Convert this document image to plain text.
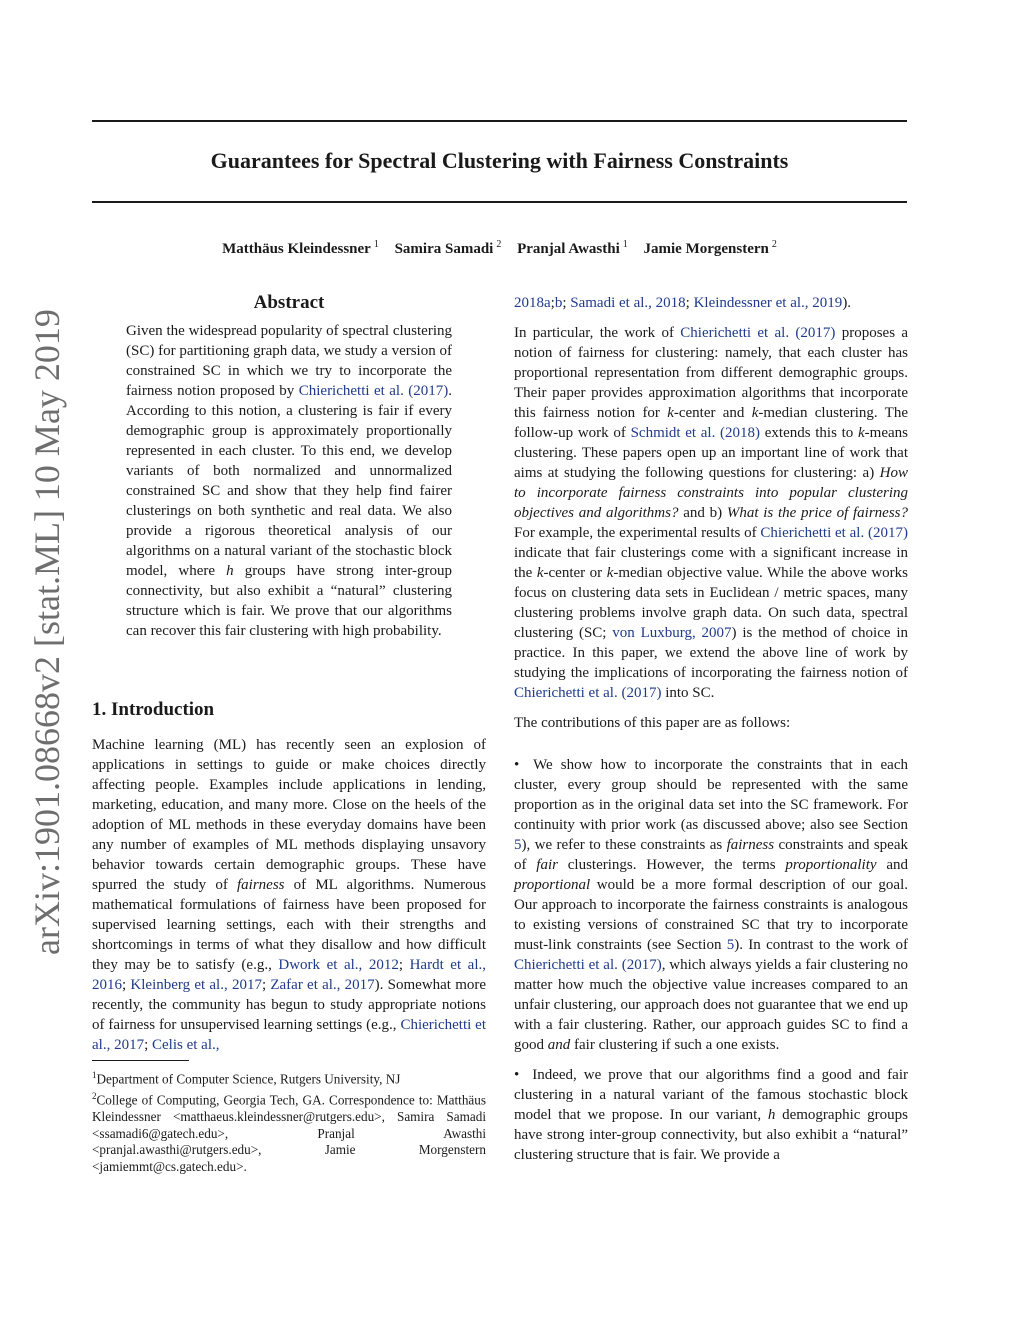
arXiv:1901.08668v2 [stat.ML] 10 May 2019
Guarantees for Spectral Clustering with Fairness Constraints
Matthäus Kleindessner $^1$ Samira Samadi $^2$ Pranjal Awasthi $^1$ Jamie Morgenstern $^2$
Abstract

Given the widespread popularity of spectral clustering (SC) for partitioning graph data, we study a version of constrained SC in which we try to incorporate the fairness notion proposed by Chierichetti et al. (2017). According to this notion, a clustering is fair if every demographic group is approximately proportionally represented in each cluster. To this end, we develop variants of both normalized and unnormalized constrained SC and show that they help find fairer clusterings on both synthetic and real data. We also provide a rigorous theoretical analysis of our algorithms on a natural variant of the stochastic block model, where h groups have strong inter-group connectivity, but also exhibit a “natural” clustering structure which is fair. We prove that our algorithms can recover this fair clustering with high probability.

1. Introduction

Machine learning (ML) has recently seen an explosion of applications in settings to guide or make choices directly affecting people. Examples include applications in lending, marketing, education, and many more. Close on the heels of the adoption of ML methods in these everyday domains have been any number of examples of ML methods displaying unsavory behavior towards certain demographic groups. These have spurred the study of fairness of ML algorithms. Numerous mathematical formulations of fairness have been proposed for supervised learning settings, each with their strengths and shortcomings in terms of what they disallow and how difficult they may be to satisfy (e.g., Dwork et al., 2012; Hardt et al., 2016; Kleinberg et al., 2017; Zafar et al., 2017). Somewhat more recently, the community has begun to study appropriate notions of fairness for unsupervised learning settings (e.g., Chierichetti et al., 2017; Celis et al.,

$^1$Department of Computer Science, Rutgers University, NJ

$^2$College of Computing, Georgia Tech, GA. Correspondence to: Matthäus Kleindessner <matthaeus.kleindessner@rutgers.edu>, Samira Samadi <ssamadi6@gatech.edu>, Pranjal Awasthi <pranjal.awasthi@rutgers.edu>, Jamie Morgenstern <jamiemmt@cs.gatech.edu>.

2018a;b; Samadi et al., 2018; Kleindessner et al., 2019).

In particular, the work of Chierichetti et al. (2017) proposes a notion of fairness for clustering: namely, that each cluster has proportional representation from different demographic groups. Their paper provides approximation algorithms that incorporate this fairness notion for k-center and k-median clustering. The follow-up work of Schmidt et al. (2018) extends this to k-means clustering. These papers open up an important line of work that aims at studying the following questions for clustering: a) How to incorporate fairness constraints into popular clustering objectives and algorithms? and b) What is the price of fairness? For example, the experimental results of Chierichetti et al. (2017) indicate that fair clusterings come with a significant increase in the k-center or k-median objective value. While the above works focus on clustering data sets in Euclidean / metric spaces, many clustering problems involve graph data. On such data, spectral clustering (SC; von Luxburg, 2007) is the method of choice in practice. In this paper, we extend the above line of work by studying the implications of incorporating the fairness notion of Chierichetti et al. (2017) into SC.

The contributions of this paper are as follows:

• We show how to incorporate the constraints that in each cluster, every group should be represented with the same proportion as in the original data set into the SC framework. For continuity with prior work (as discussed above; also see Section 5), we refer to these constraints as fairness constraints and speak of fair clusterings. However, the terms proportionality and proportional would be a more formal description of our goal. Our approach to incorporate the fairness constraints is analogous to existing versions of constrained SC that try to incorporate must-link constraints (see Section 5). In contrast to the work of Chierichetti et al. (2017), which always yields a fair clustering no matter how much the objective value increases compared to an unfair clustering, our approach does not guarantee that we end up with a fair clustering. Rather, our approach guides SC to find a good and fair clustering if such a one exists.

• Indeed, we prove that our algorithms find a good and fair clustering in a natural variant of the famous stochastic block model that we propose. In our variant, h demographic groups have strong inter-group connectivity, but also exhibit a “natural” clustering structure that is fair. We provide a
